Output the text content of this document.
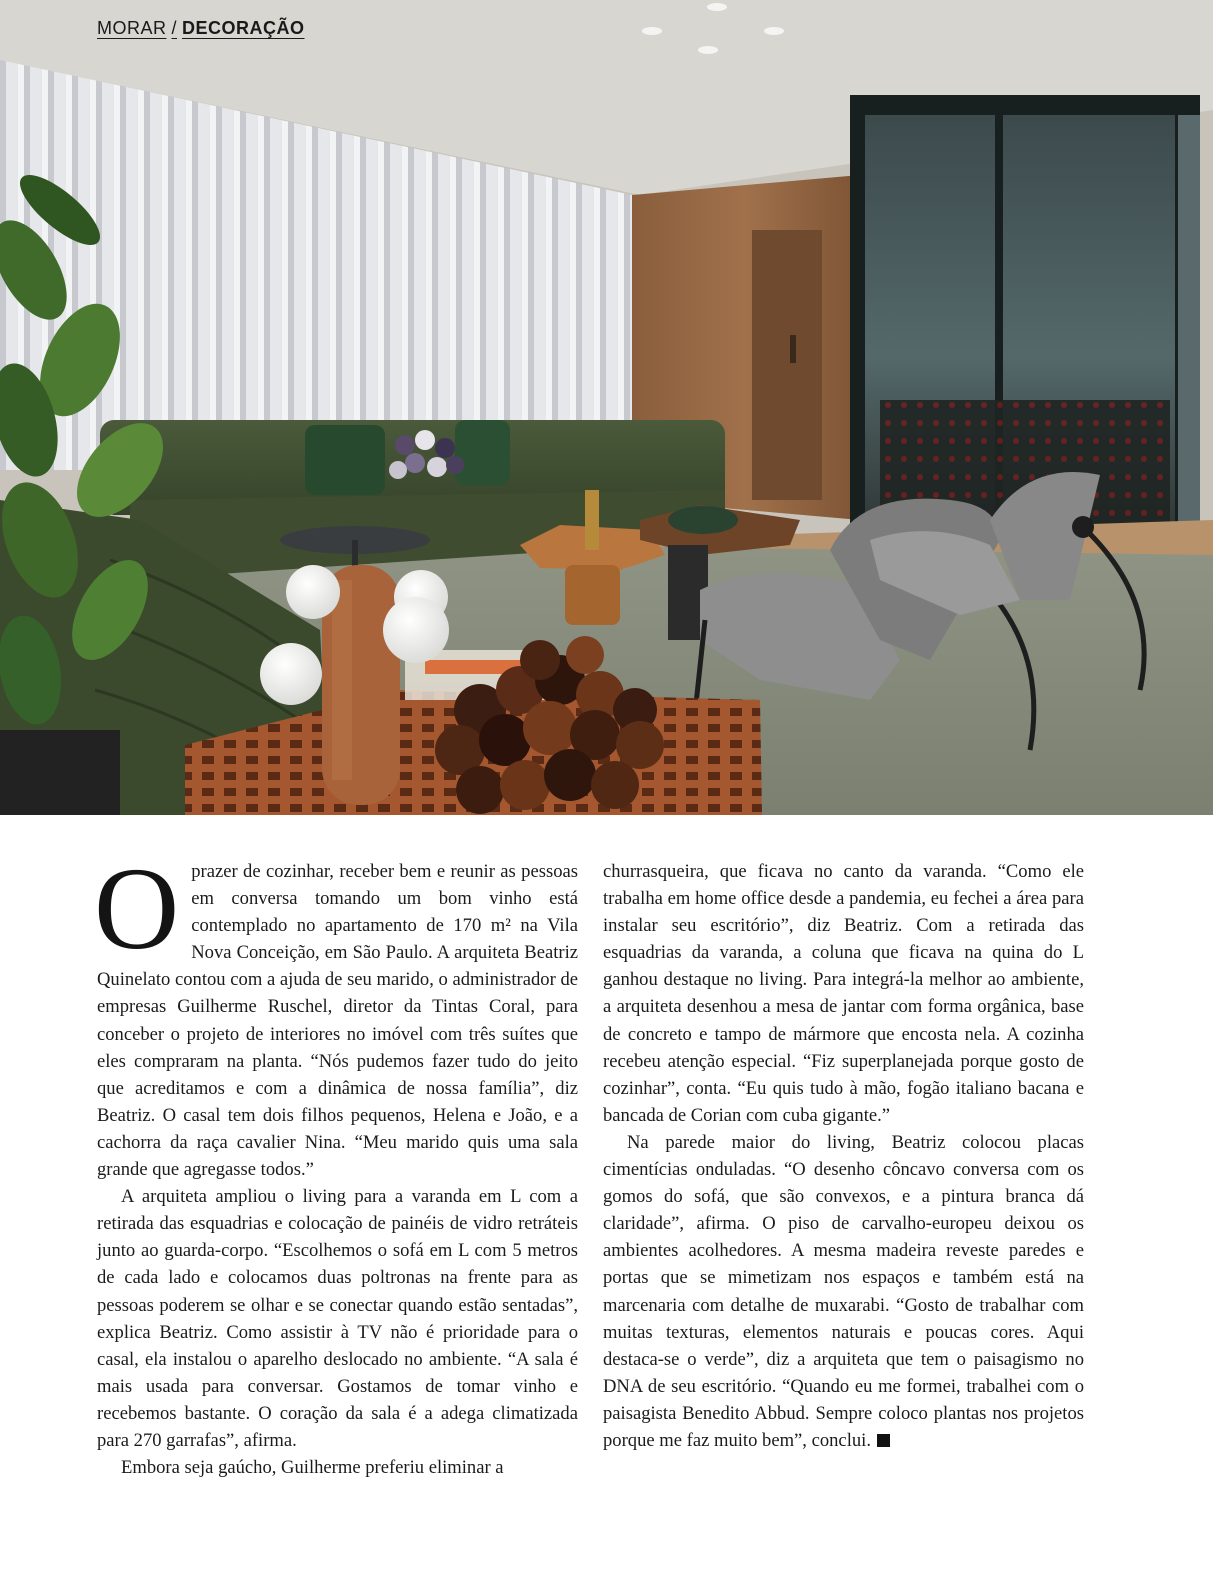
MORAR / DECORAÇÃO

Oprazer de cozinhar, receber bem e reunir as pessoas em conversa tomando um bom vinho está contemplado no apartamento de 170 m² na Vila Nova Conceição, em São Paulo. A arquiteta Beatriz Quinelato contou com a ajuda de seu marido, o administrador de empresas Guilherme Ruschel, diretor da Tintas Coral, para conceber o projeto de interiores no imóvel com três suítes que eles compraram na planta. “Nós pudemos fazer tudo do jeito que acreditamos e com a dinâmica de nossa família”, diz Beatriz. O casal tem dois filhos pequenos, Helena e João, e a cachorra da raça cavalier Nina. “Meu marido quis uma sala grande que agregasse todos.”

A arquiteta ampliou o living para a varanda em L com a retirada das esquadrias e colocação de painéis de vidro retráteis junto ao guarda-corpo. “Escolhemos o sofá em L com 5 metros de cada lado e colocamos duas poltronas na frente para as pessoas poderem se olhar e se conectar quando estão sentadas”, explica Beatriz. Como assistir à TV não é prioridade para o casal, ela instalou o aparelho deslocado no ambiente. “A sala é mais usada para conversar. Gostamos de tomar vinho e recebemos bastante. O coração da sala é a adega climatizada para 270 garrafas”, afirma.

Embora seja gaúcho, Guilherme preferiu eliminar a

churrasqueira, que ficava no canto da varanda. “Como ele trabalha em home office desde a pandemia, eu fechei a área para instalar seu escritório”, diz Beatriz. Com a retirada das esquadrias da varanda, a coluna que ficava na quina do L ganhou destaque no living. Para integrá-la melhor ao ambiente, a arquiteta desenhou a mesa de jantar com forma orgânica, base de concreto e tampo de mármore que encosta nela. A cozinha recebeu atenção especial. “Fiz superplanejada porque gosto de cozinhar”, conta. “Eu quis tudo à mão, fogão italiano bacana e bancada de Corian com cuba gigante.”

Na parede maior do living, Beatriz colocou placas cimentícias onduladas. “O desenho côncavo conversa com os gomos do sofá, que são convexos, e a pintura branca dá claridade”, afirma. O piso de carvalho-europeu deixou os ambientes acolhedores. A mesma madeira reveste paredes e portas que se mimetizam nos espaços e também está na marcenaria com detalhe de muxarabi. “Gosto de trabalhar com muitas texturas, elementos naturais e poucas cores. Aqui destaca-se o verde”, diz a arquiteta que tem o paisagismo no DNA de seu escritório. “Quando eu me formei, trabalhei com o paisagista Benedito Abbud. Sempre coloco plantas nos projetos porque me faz muito bem”, conclui.
